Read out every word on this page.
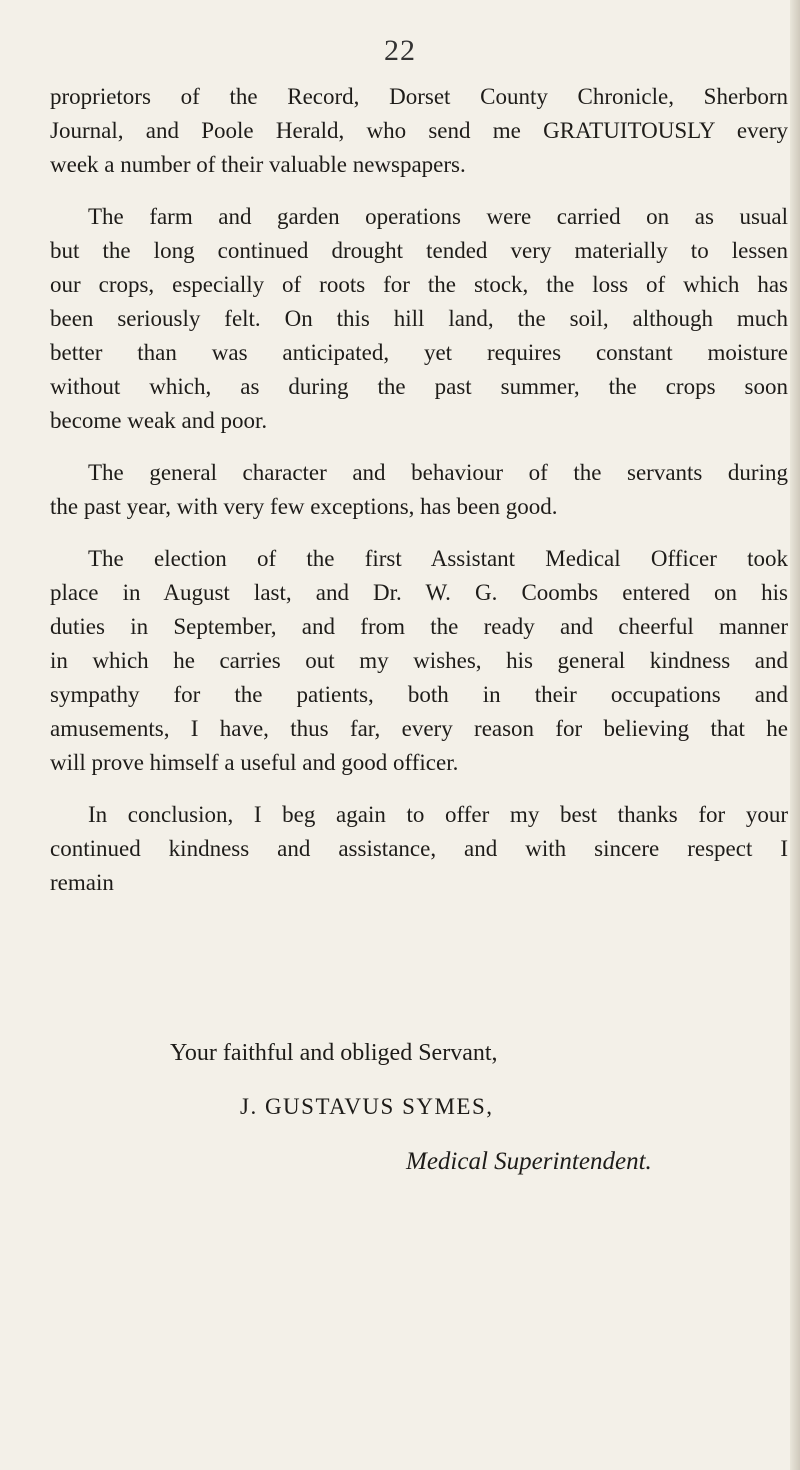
22

proprietors of the Record, Dorset County Chronicle, Sherborn
Journal, and Poole Herald, who send me GRATUITOUSLY every
week a number of their valuable newspapers.

The farm and garden operations were carried on as usual
but the long continued drought tended very materially to lessen
our crops, especially of roots for the stock, the loss of which has
been seriously felt. On this hill land, the soil, although much
better than was anticipated, yet requires constant moisture
without which, as during the past summer, the crops soon
become weak and poor.

The general character and behaviour of the servants during
the past year, with very few exceptions, has been good.

The election of the first Assistant Medical Officer took
place in August last, and Dr. W. G. Coombs entered on his
duties in September, and from the ready and cheerful manner
in which he carries out my wishes, his general kindness and
sympathy for the patients, both in their occupations and
amusements, I have, thus far, every reason for believing that he
will prove himself a useful and good officer.

In conclusion, I beg again to offer my best thanks for your
continued kindness and assistance, and with sincere respect I
remain

Your faithful and obliged Servant,
J. GUSTAVUS SYMES,
Medical Superintendent.
